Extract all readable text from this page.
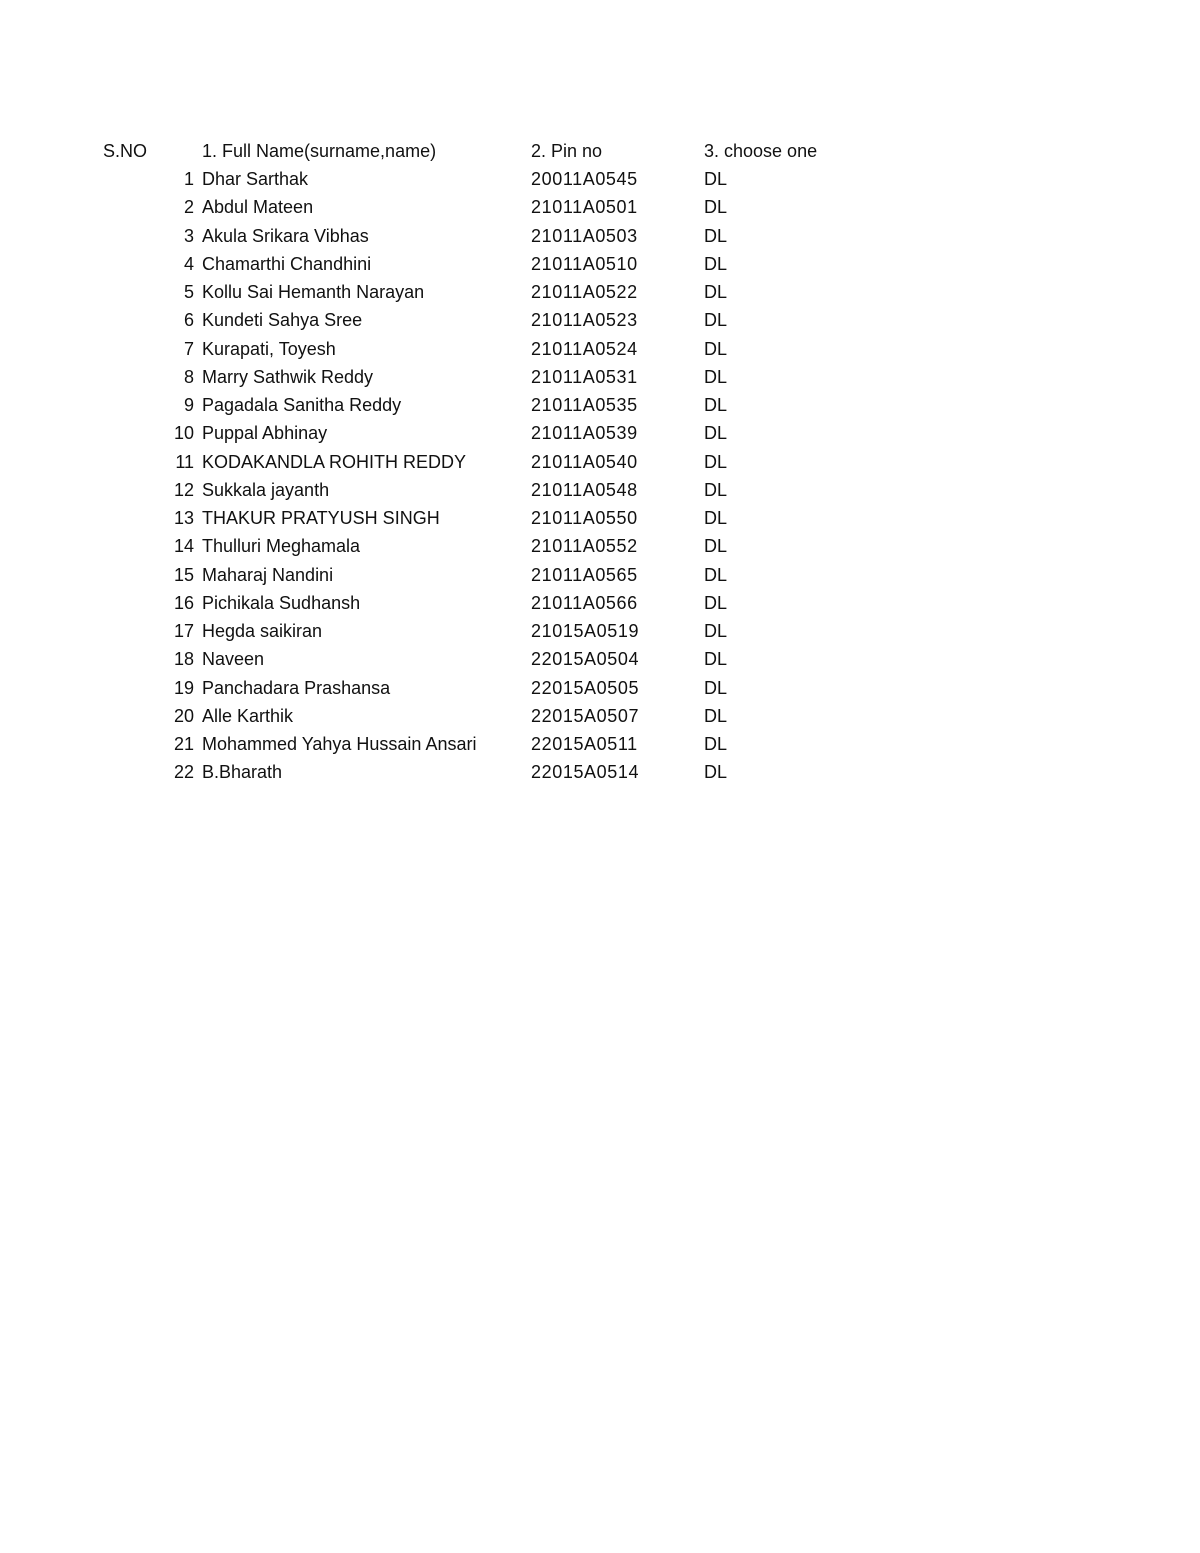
S.NO	1. Full Name(surname,name)	2. Pin no	3. choose one
1 Dhar Sarthak	20011A0545	DL
2 Abdul Mateen	21011A0501	DL
3 Akula Srikara Vibhas	21011A0503	DL
4 Chamarthi Chandhini	21011A0510	DL
5 Kollu Sai Hemanth Narayan	21011A0522	DL
6 Kundeti Sahya Sree	21011A0523	DL
7 Kurapati, Toyesh	21011A0524	DL
8 Marry Sathwik Reddy	21011A0531	DL
9 Pagadala Sanitha Reddy	21011A0535	DL
10 Puppal Abhinay	21011A0539	DL
11 KODAKANDLA ROHITH REDDY	21011A0540	DL
12 Sukkala jayanth	21011A0548	DL
13 THAKUR PRATYUSH SINGH	21011A0550	DL
14 Thulluri Meghamala	21011A0552	DL
15 Maharaj Nandini	21011A0565	DL
16 Pichikala Sudhansh	21011A0566	DL
17 Hegda saikiran	21015A0519	DL
18 Naveen	22015A0504	DL
19 Panchadara Prashansa	22015A0505	DL
20 Alle Karthik	22015A0507	DL
21 Mohammed Yahya Hussain Ansari	22015A0511	DL
22 B.Bharath	22015A0514	DL
